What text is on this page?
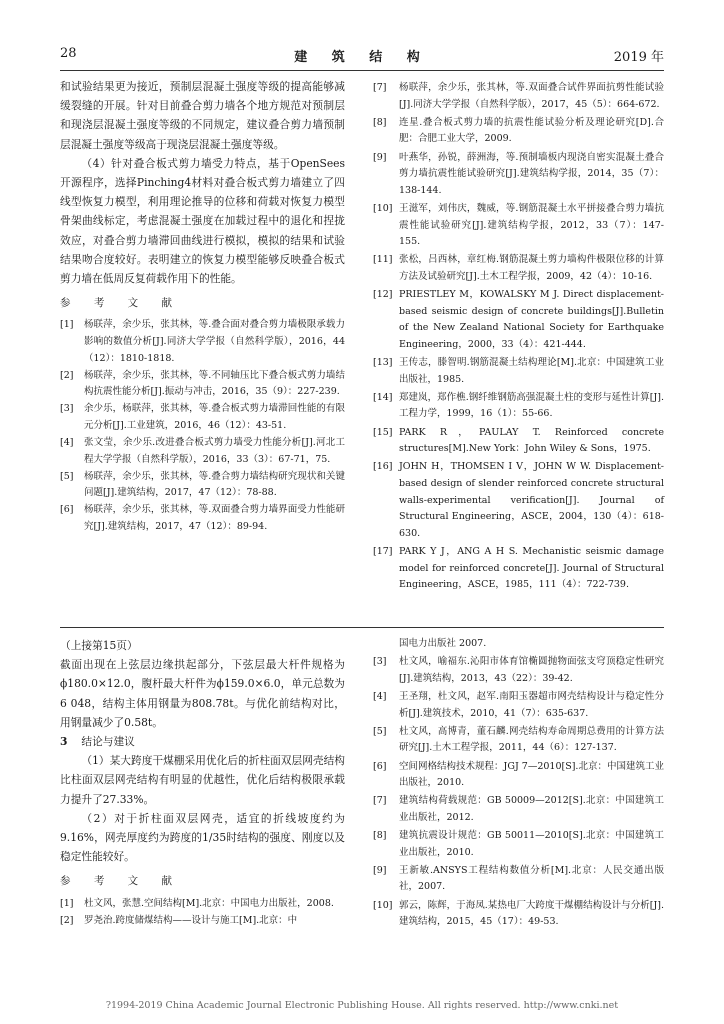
28	建 筑 结 构	2019 年

和试验结果更为接近，预制层混凝土强度等级的提高能够减缓裂缝的开展。针对目前叠合剪力墙各个地方规范对预制层和现浇层混凝土强度等级的不同规定，建议叠合剪力墙预制层混凝土强度等级高于现浇层混凝土强度等级。

（4）针对叠合板式剪力墙受力特点，基于OpenSees开源程序，选择Pinching4材料对叠合板式剪力墙建立了四线型恢复力模型，利用理论推导的位移和荷载对恢复力模型骨架曲线标定，考虑混凝土强度在加载过程中的退化和捏拢效应，对叠合剪力墙滞回曲线进行模拟，模拟的结果和试验结果吻合度较好。表明建立的恢复力模型能够反映叠合板式剪力墙在低周反复荷载作用下的性能。

参 考 文 献

[1]	杨联萍，余少乐，张其林，等.叠合面对叠合剪力墙极限承载力影响的数值分析[J].同济大学学报（自然科学版），2016，44（12）：1810-1818.
[2]	杨联萍，余少乐，张其林，等.不同轴压比下叠合板式剪力墙结构抗震性能分析[J].振动与冲击，2016，35（9）：227-239.
[3]	余少乐，杨联萍，张其林，等.叠合板式剪力墙滞回性能的有限元分析[J].工业建筑，2016，46（12）：43-51.
[4]	张文莹，余少乐.改进叠合板式剪力墙受力性能分析[J].河北工程大学学报（自然科学版），2016，33（3）：67-71，75.
[5]	杨联萍，余少乐，张其林，等.叠合剪力墙结构研究现状和关键问题[J].建筑结构，2017，47（12）：78-88.
[6]	杨联萍，余少乐，张其林，等.双面叠合剪力墙界面受力性能研究[J].建筑结构，2017，47（12）：89-94.
[7]	杨联萍，余少乐，张其林，等.双面叠合试件界面抗剪性能试验[J].同济大学学报（自然科学版），2017，45（5）：664-672.
[8]	连星.叠合板式剪力墙的抗震性能试验分析及理论研究[D].合肥：合肥工业大学，2009.
[9]	叶燕华，孙锐，薛洲海，等.预制墙板内现浇自密实混凝土叠合剪力墙抗震性能试验研究[J].建筑结构学报，2014，35（7）：138-144.
[10] 王滋军，刘伟庆，魏威，等.钢筋混凝土水平拼接叠合剪力墙抗震性能试验研究[J].建筑结构学报，2012，33（7）：147-155.
[11] 张松，吕西林，章红梅.钢筋混凝土剪力墙构件极限位移的计算方法及试验研究[J].土木工程学报，2009，42（4）：10-16.
[12] PRIESTLEY M，KOWALSKY M J. Direct displacement-based seismic design of concrete buildings[J].Bulletin of the New Zealand National Society for Earthquake Engineering，2000，33（4）：421-444.
[13] 王传志，滕智明.钢筋混凝土结构理论[M].北京：中国建筑工业出版社，1985.
[14] 郑建岚，郑作樵.钢纤维钢筋高强混凝土柱的变形与延性计算[J].工程力学，1999，16（1）：55-66.
[15] PARK R，PAULAY T. Reinforced concrete structures[M].New York：John Wiley & Sons，1975.
[16] JOHN H，THOMSEN I V，JOHN W W. Displacement-based design of slender reinforced concrete structural walls-experimental verification[J]. Journal of Structural Engineering，ASCE，2004，130（4）：618-630.
[17] PARK Y J，ANG A H S. Mechanistic seismic damage model for reinforced concrete[J]. Journal of Structural Engineering，ASCE，1985，111（4）：722-739.

（上接第15页）

截面出现在上弦层边缘拱起部分，下弦层最大杆件规格为ϕ180.0×12.0，腹杆最大杆件为ϕ159.0×6.0，单元总数为6 048，结构主体用钢量为808.78t。与优化前结构对比，用钢量减少了0.58t。

3	结论与建议

（1）某大跨度干煤棚采用优化后的折柱面双层网壳结构比柱面双层网壳结构有明显的优越性，优化后结构极限承载力提升了27.33%。

（2）对于折柱面双层网壳，适宜的折线坡度约为9.16%，网壳厚度约为跨度的1/35时结构的强度、刚度以及稳定性能较好。

参 考 文 献

[1]	杜文风，张慧.空间结构[M].北京：中国电力出版社，2008.
[2]	罗尧治.跨度储煤结构——设计与施工[M].北京：中
国电力出版社 2007.
[3]	杜文风，喻福东.沁阳市体育馆椭圆抛物面弦支穹顶稳定性研究[J].建筑结构，2013，43（22）：39-42.
[4]	王圣翔，杜文风，赵军.南阳玉器超市网壳结构设计与稳定性分析[J].建筑技术，2010，41（7）：635-637.
[5]	杜文风，高博青，董石麟.网壳结构寿命周期总费用的计算方法研究[J].土木工程学报，2011，44（6）：127-137.
[6]	空间网格结构技术规程：JGJ 7—2010[S].北京：中国建筑工业出版社，2010.
[7]	建筑结构荷载规范：GB 50009—2012[S].北京：中国建筑工业出版社，2012.
[8]	建筑抗震设计规范：GB 50011—2010[S].北京：中国建筑工业出版社，2010.
[9]	王新敏.ANSYS工程结构数值分析[M].北京：人民交通出版社，2007.
[10] 郭云，陈辉，于海凤.某热电厂大跨度干煤棚结构设计与分析[J].建筑结构，2015，45（17）：49-53.
?1994-2019 China Academic Journal Electronic Publishing House. All rights reserved. http://www.cnki.net
